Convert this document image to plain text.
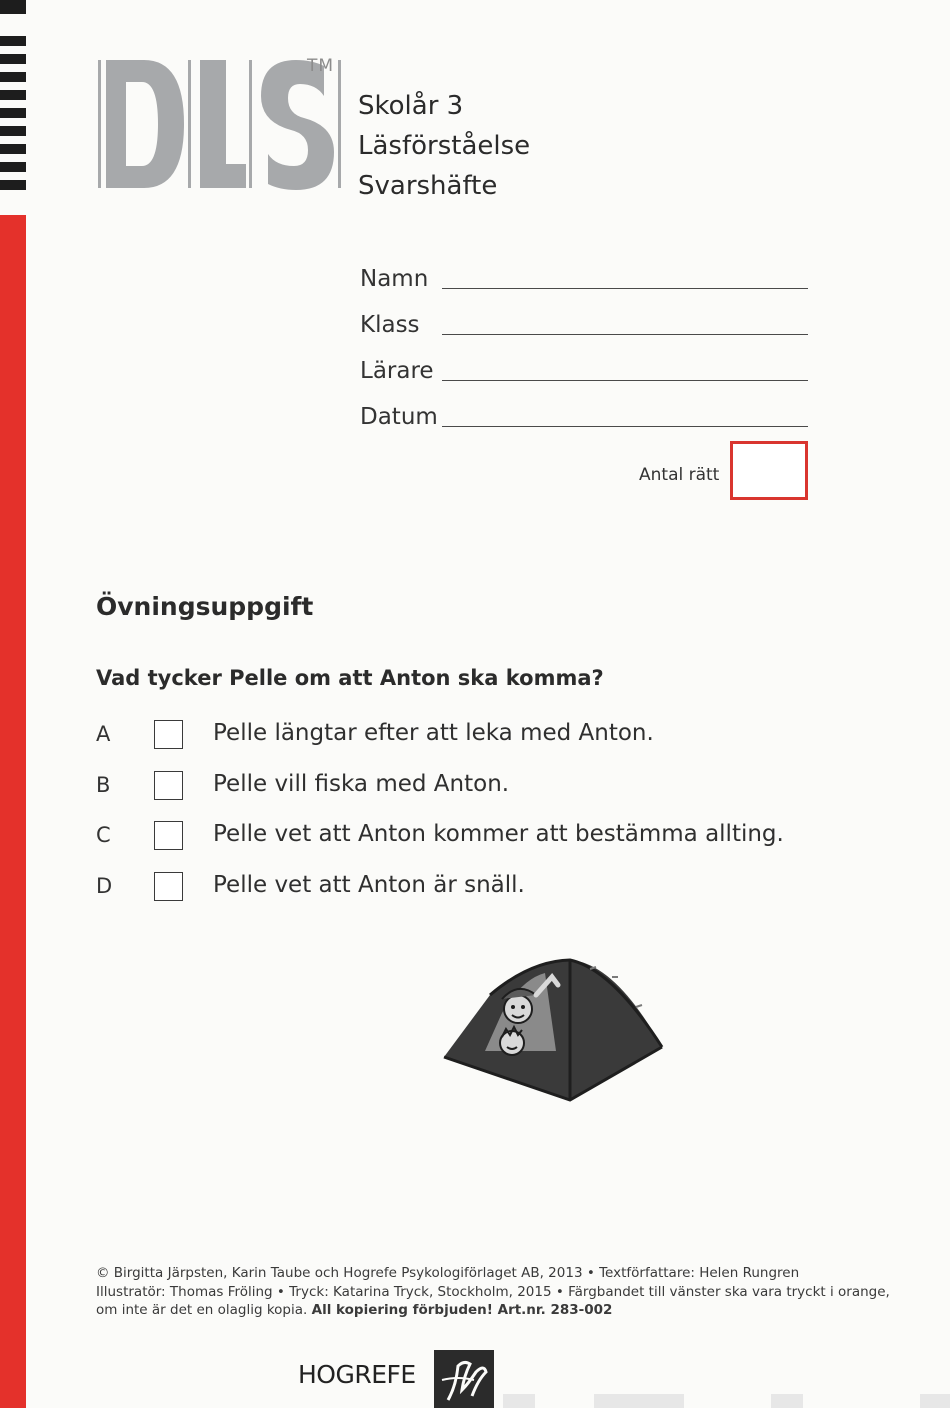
TM
Skolår 3
Läsförståelse
Svarshäfte
Namn
Klass
Lärare
Datum
Antal rätt
Övningsuppgift
Vad tycker Pelle om att Anton ska komma?
A	Pelle längtar efter att leka med Anton.
B	Pelle vill fiska med Anton.
C	Pelle vet att Anton kommer att bestämma allting.
D	Pelle vet att Anton är snäll.
© Birgitta Järpsten, Karin Taube och Hogrefe Psykologiförlaget AB, 2013 • Textförfattare: Helen Rungren
Illustratör: Thomas Fröling • Tryck: Katarina Tryck, Stockholm, 2015 • Färgbandet till vänster ska vara tryckt i orange,
om inte är det en olaglig kopia. All kopiering förbjuden! Art.nr. 283-002
HOGREFE
